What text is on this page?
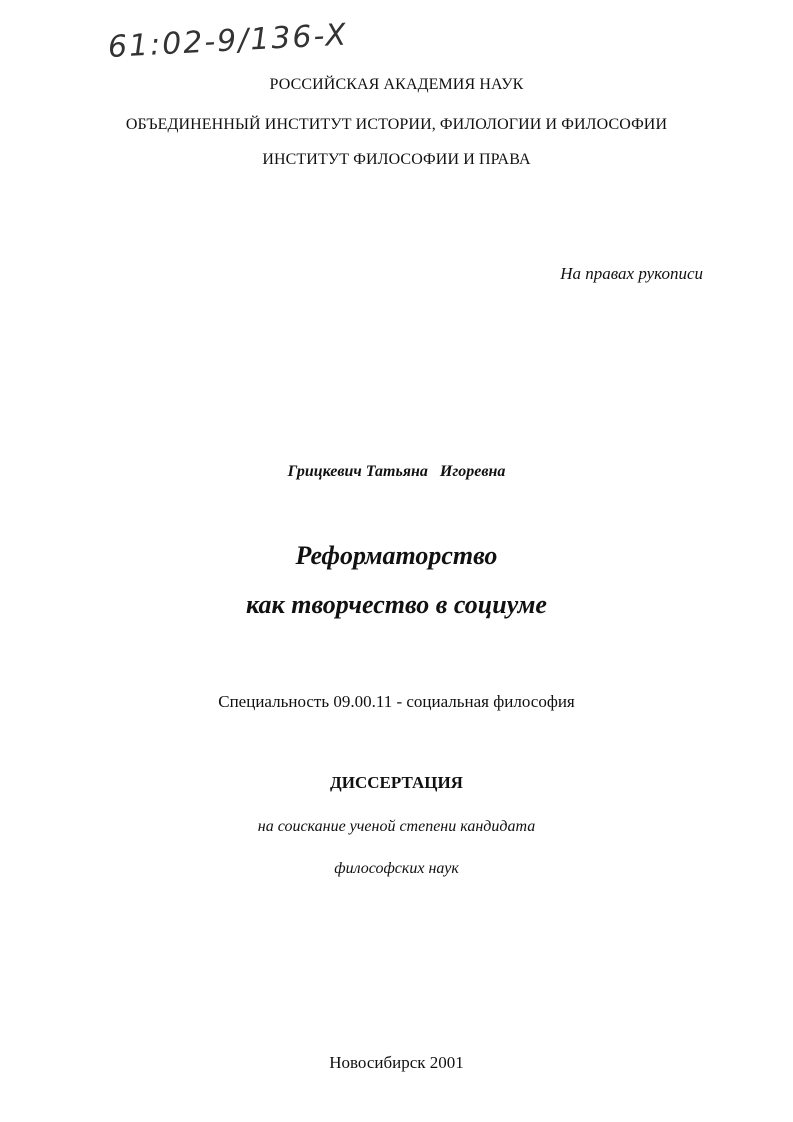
61:02-9/136-X
РОССИЙСКАЯ АКАДЕМИЯ НАУК
ОБЪЕДИНЕННЫЙ ИНСТИТУТ ИСТОРИИ, ФИЛОЛОГИИ И ФИЛОСОФИИ
ИНСТИТУТ ФИЛОСОФИИ И ПРАВА
На правах рукописи
Грицкевич Татьяна   Игоревна
Реформаторство
как творчество в социуме
Специальность 09.00.11 - социальная философия
ДИССЕРТАЦИЯ
на соискание ученой степени кандидата
философских наук
Новосибирск 2001
